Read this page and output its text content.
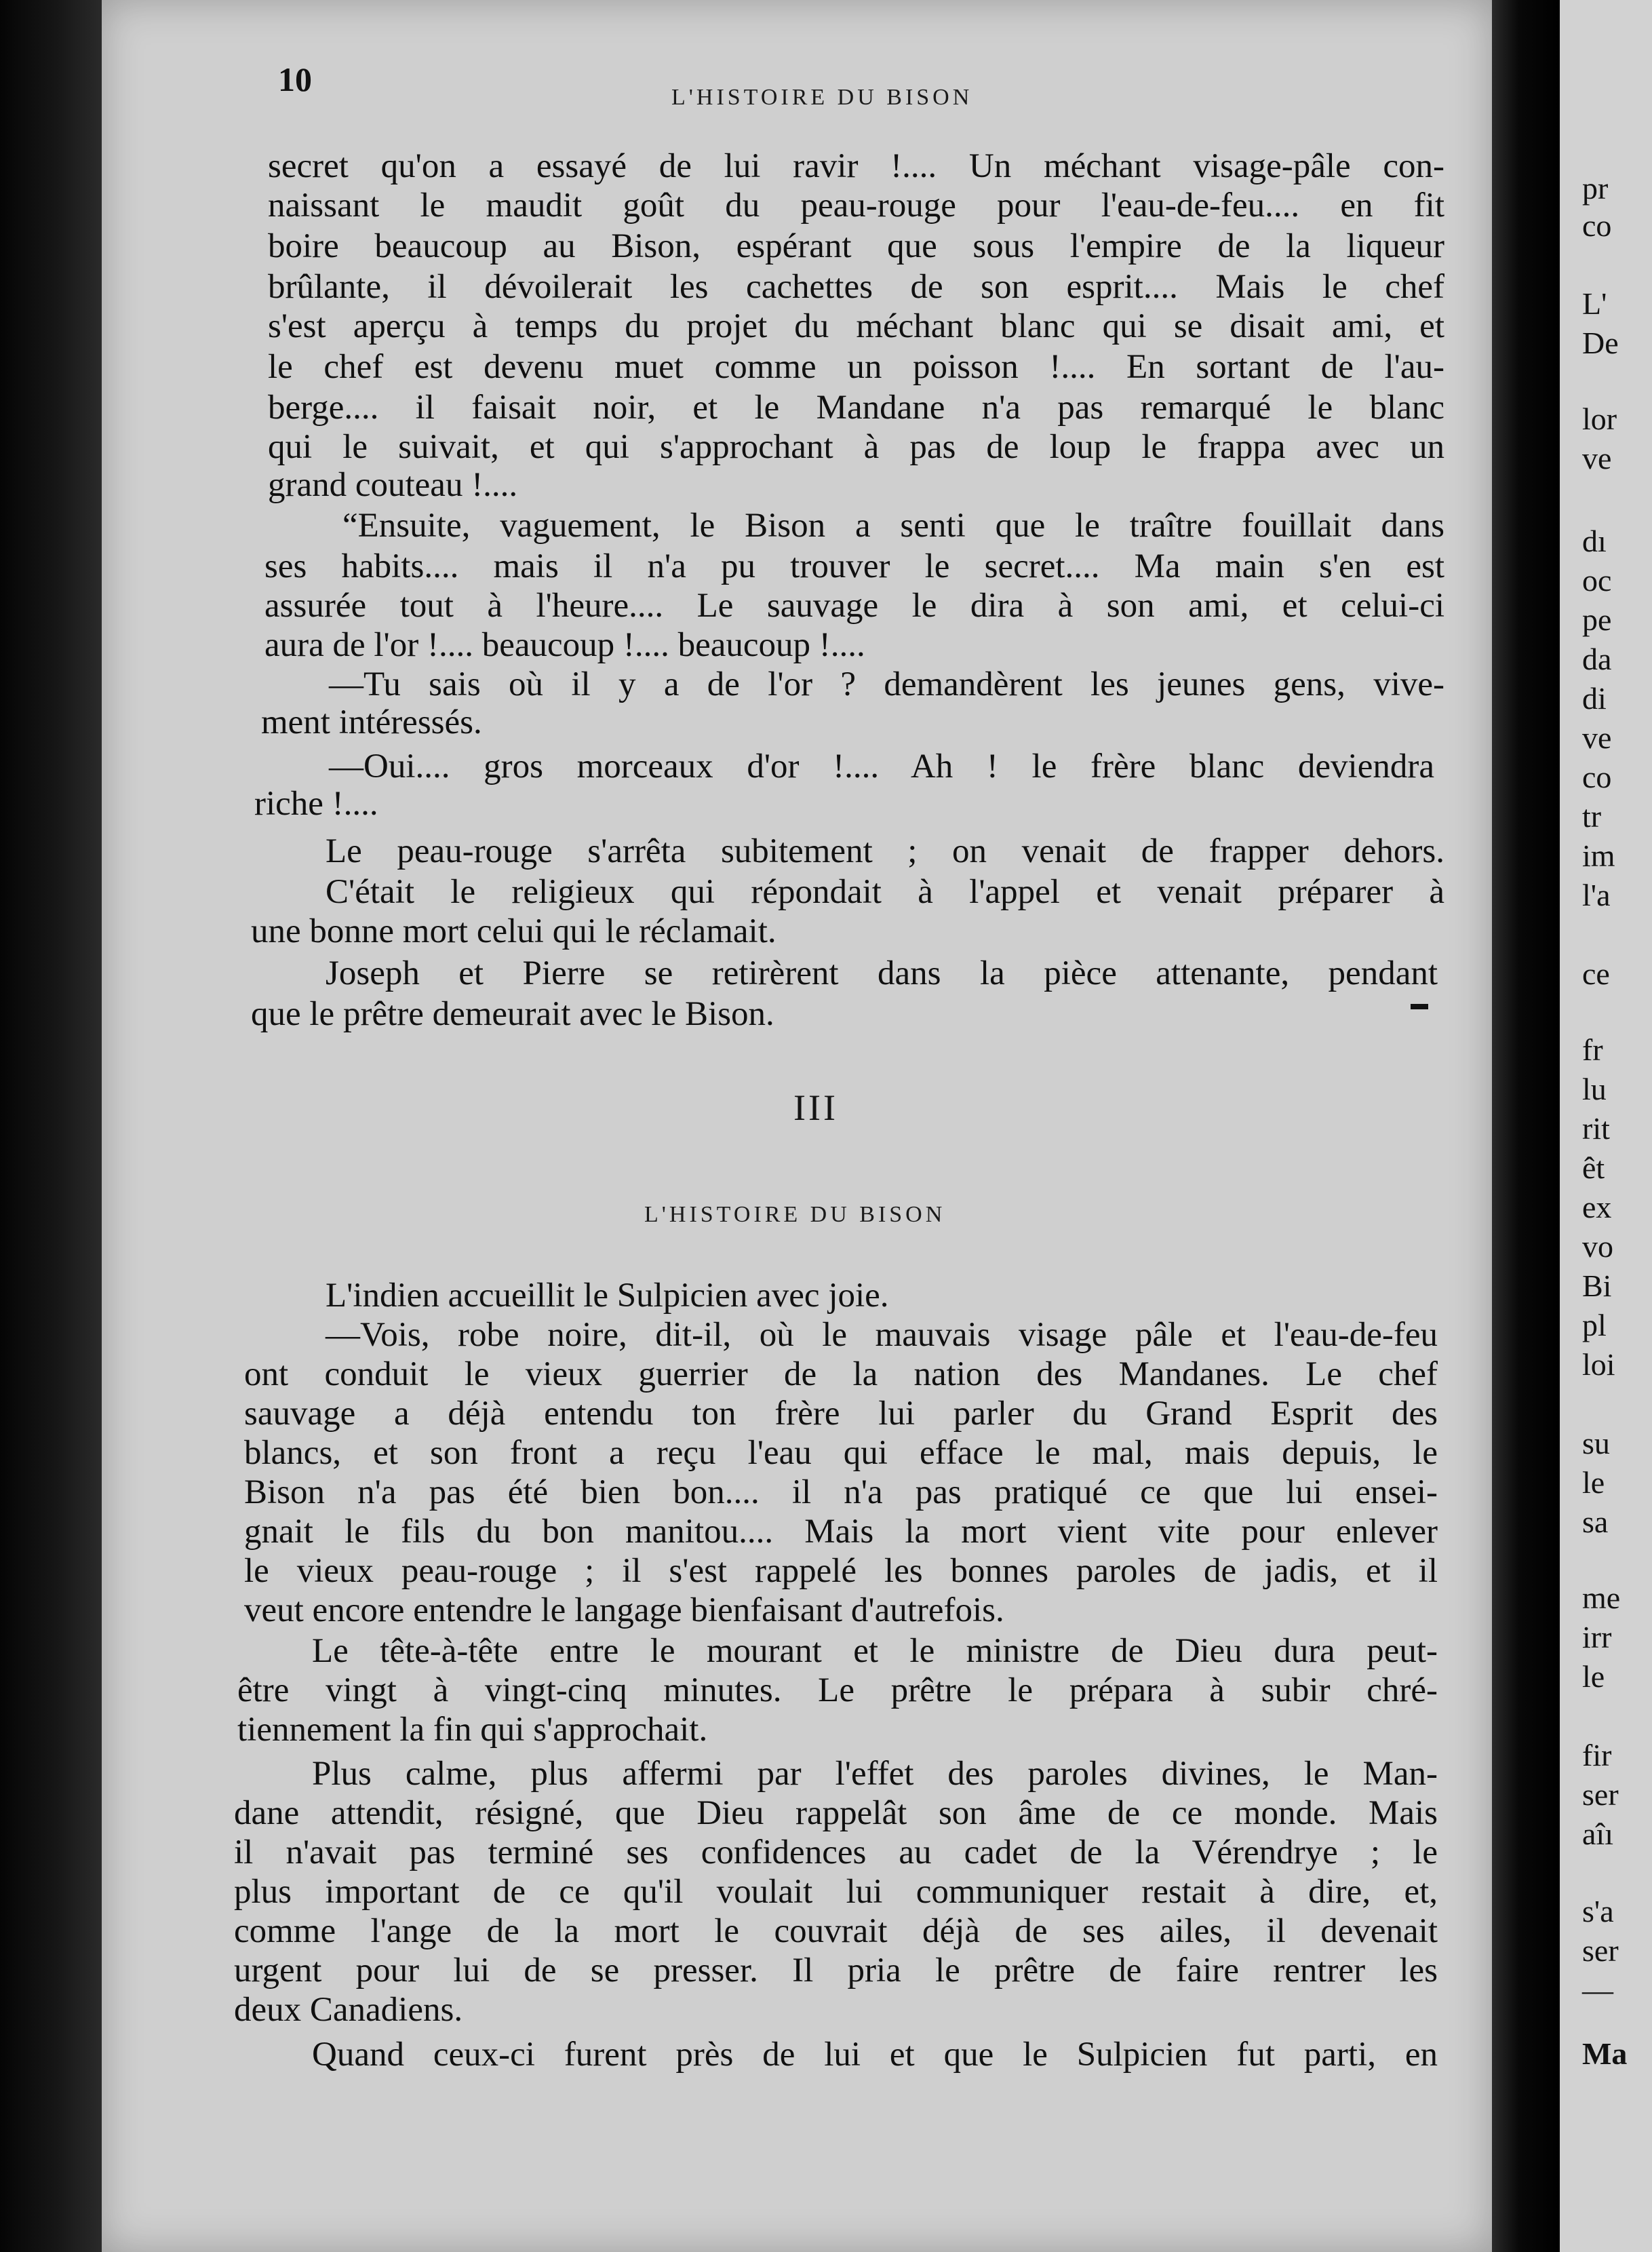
10	L'HISTOIRE DU BISON
secret qu'on a essayé de lui ravir !.... Un méchant visage-pâle con-
naissant le maudit goût du peau-rouge pour l'eau-de-feu.... en fit
boire beaucoup au Bison, espérant que sous l'empire de la liqueur
brûlante, il dévoilerait les cachettes de son esprit.... Mais le chef
s'est aperçu à temps du projet du méchant blanc qui se disait ami, et
le chef est devenu muet comme un poisson !.... En sortant de l'au-
berge.... il faisait noir, et le Mandane n'a pas remarqué le blanc
qui le suivait, et qui s'approchant à pas de loup le frappa avec un
grand couteau !....
“Ensuite, vaguement, le Bison a senti que le traître fouillait dans
ses habits.... mais il n'a pu trouver le secret.... Ma main s'en est
assurée tout à l'heure.... Le sauvage le dira à son ami, et celui-ci
aura de l'or !.... beaucoup !.... beaucoup !....
—Tu sais où il y a de l'or ? demandèrent les jeunes gens, vive-
ment intéressés.
—Oui.... gros morceaux d'or !.... Ah ! le frère blanc deviendra
riche !....
Le peau-rouge s'arrêta subitement ; on venait de frapper dehors.
C'était le religieux qui répondait à l'appel et venait préparer à
une bonne mort celui qui le réclamait.
Joseph et Pierre se retirèrent dans la pièce attenante, pendant
que le prêtre demeurait avec le Bison.
L'indien accueillit le Sulpicien avec joie.
—Vois, robe noire, dit-il, où le mauvais visage pâle et l'eau-de-feu
ont conduit le vieux guerrier de la nation des Mandanes. Le chef
sauvage a déjà entendu ton frère lui parler du Grand Esprit des
blancs, et son front a reçu l'eau qui efface le mal, mais depuis, le
Bison n'a pas été bien bon.... il n'a pas pratiqué ce que lui ensei-
gnait le fils du bon manitou.... Mais la mort vient vite pour enlever
le vieux peau-rouge ; il s'est rappelé les bonnes paroles de jadis, et il
veut encore entendre le langage bienfaisant d'autrefois.
Le tête-à-tête entre le mourant et le ministre de Dieu dura peut-
être vingt à vingt-cinq minutes. Le prêtre le prépara à subir chré-
tiennement la fin qui s'approchait.
Plus calme, plus affermi par l'effet des paroles divines, le Man-
dane attendit, résigné, que Dieu rappelât son âme de ce monde. Mais
il n'avait pas terminé ses confidences au cadet de la Vérendrye ; le
plus important de ce qu'il voulait lui communiquer restait à dire, et,
comme l'ange de la mort le couvrait déjà de ses ailes, il devenait
urgent pour lui de se presser. Il pria le prêtre de faire rentrer les
deux Canadiens.
Quand ceux-ci furent près de lui et que le Sulpicien fut parti, en
III
L'HISTOIRE DU BISON
pr
co
L'
De
lor
ve
dı
oc
pe
da
di
ve
co
tr
im
l'a
ce
fr
lu
rit
êt
ex
vo
Bi
pl
loi
su
le
sa
me
irr
le
fir
ser
aîı
s'a
ser
—
Ma
